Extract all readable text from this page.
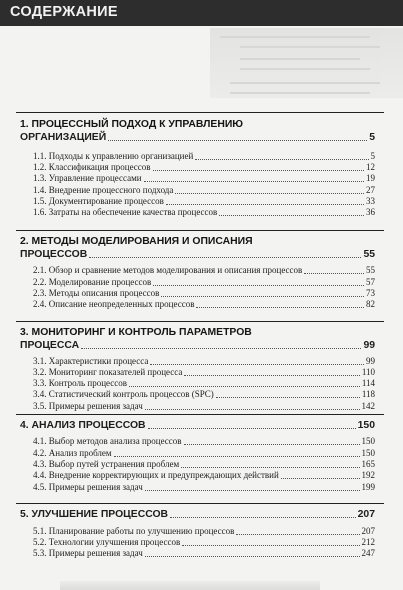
СОДЕРЖАНИЕ
1. ПРОЦЕССНЫЙ ПОДХОД К УПРАВЛЕНИЮ
ОРГАНИЗАЦИЕЙ	5
1.1. Подходы к управлению организацией	5
1.2. Классификация процессов	12
1.3. Управление процессами	19
1.4. Внедрение процессного подхода	27
1.5. Документирование процессов	33
1.6. Затраты на обеспечение качества процессов	36
2. МЕТОДЫ МОДЕЛИРОВАНИЯ И ОПИСАНИЯ
ПРОЦЕССОВ	55
2.1. Обзор и сравнение методов моделирования и описания процессов	55
2.2. Моделирование процессов	57
2.3. Методы описания процессов	73
2.4. Описание неопределенных процессов	82
3. МОНИТОРИНГ И КОНТРОЛЬ ПАРАМЕТРОВ
ПРОЦЕССА	99
3.1. Характеристики процесса	99
3.2. Мониторинг показателей процесса	110
3.3. Контроль процессов	114
3.4. Статистический контроль процессов (SPC)	118
3.5. Примеры решения задач	142
4. АНАЛИЗ ПРОЦЕССОВ	150
4.1. Выбор методов анализа процессов	150
4.2. Анализ проблем	150
4.3. Выбор путей устранения проблем	165
4.4. Внедрение корректирующих и предупреждающих действий	192
4.5. Примеры решения задач	199
5. УЛУЧШЕНИЕ ПРОЦЕССОВ	207
5.1. Планирование работы по улучшению процессов	207
5.2. Технологии улучшения процессов	212
5.3. Примеры решения задач	247
